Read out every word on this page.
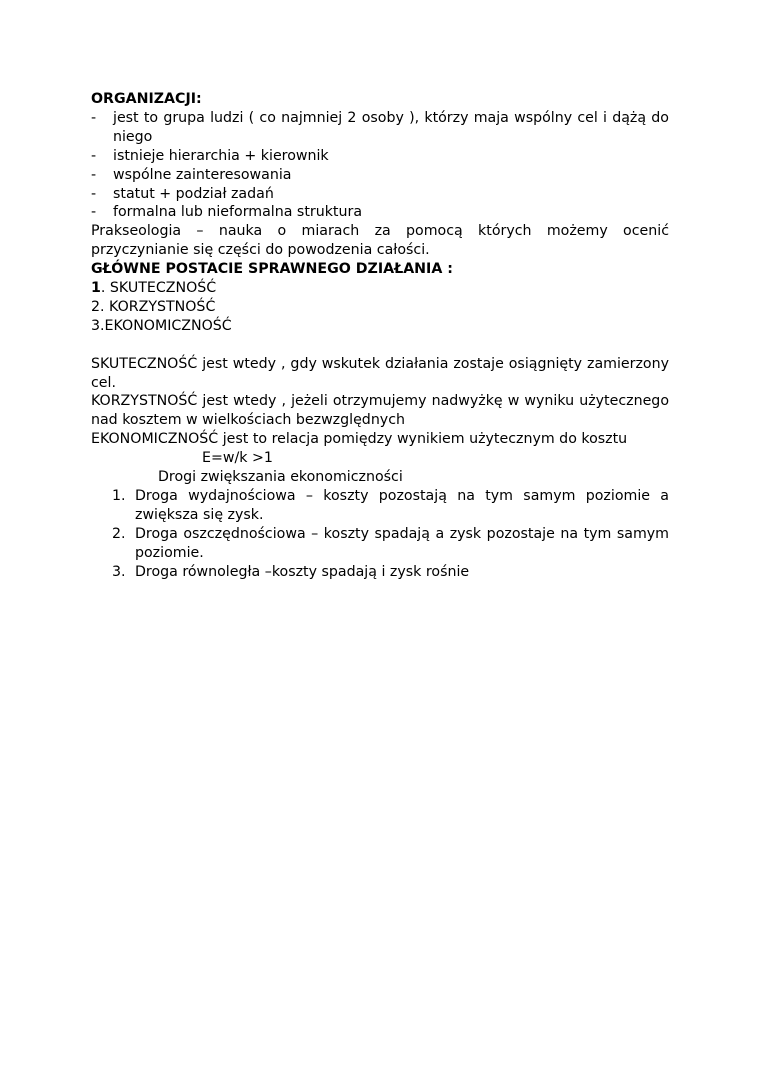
ORGANIZACJI:

- jest to grupa ludzi ( co najmniej 2 osoby ), którzy maja wspólny cel i dążą do niego

- istnieje hierarchia + kierownik

- wspólne zainteresowania

- statut + podział zadań

- formalna lub nieformalna struktura

Prakseologia – nauka o miarach za pomocą których możemy ocenić przyczynianie się części do powodzenia całości.

GŁÓWNE POSTACIE SPRAWNEGO DZIAŁANIA :

1. SKUTECZNOŚĆ

2. KORZYSTNOŚĆ

3.EKONOMICZNOŚĆ

SKUTECZNOŚĆ jest wtedy , gdy wskutek działania zostaje osiągnięty zamierzony cel.

KORZYSTNOŚĆ jest wtedy , jeżeli otrzymujemy nadwyżkę w wyniku użytecznego nad kosztem w wielkościach bezwzględnych

EKONOMICZNOŚĆ jest to relacja pomiędzy wynikiem użytecznym do kosztu

E=w/k >1

Drogi zwiększania ekonomiczności

1. Droga wydajnościowa – koszty pozostają na tym samym poziomie a zwiększa się zysk.

2. Droga oszczędnościowa – koszty spadają a zysk pozostaje na tym samym poziomie.

3. Droga równoległa –koszty spadają i zysk rośnie
